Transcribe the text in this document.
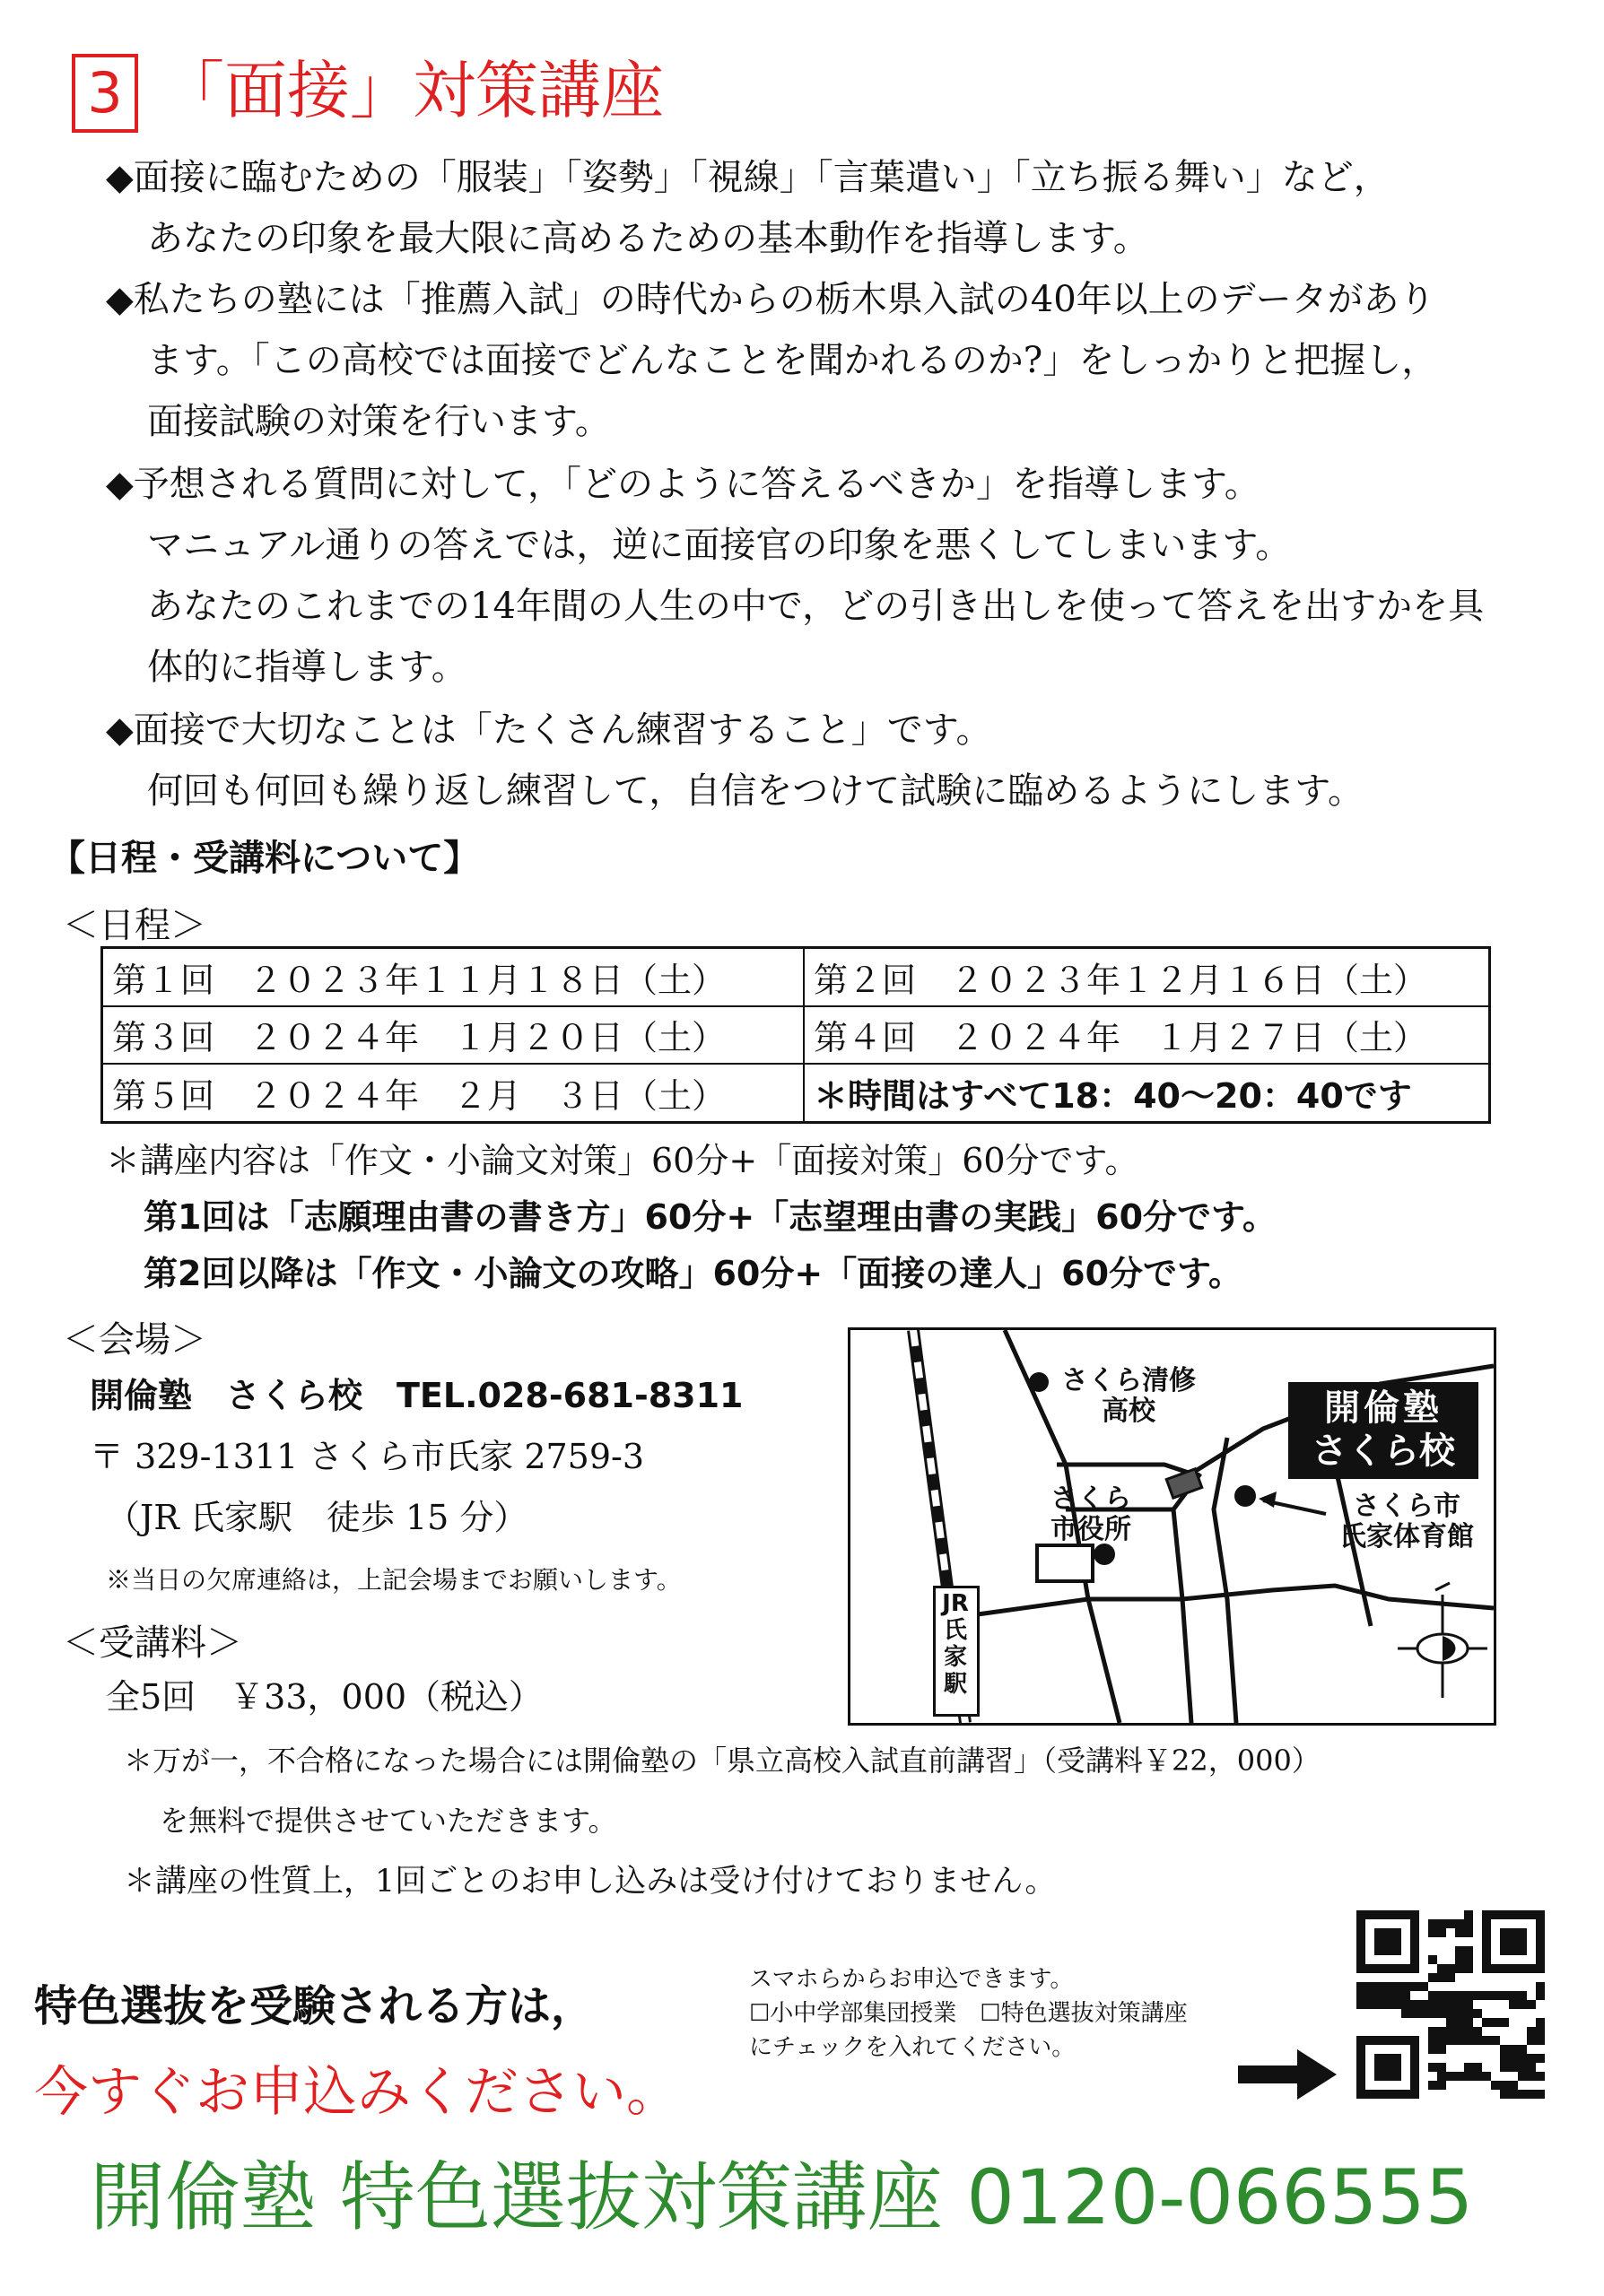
3 「面接」対策講座
◆面接に臨むための「服装」「姿勢」「視線」「言葉遣い」「立ち振る舞い」など，
あなたの印象を最大限に高めるための基本動作を指導します。
◆私たちの塾には「推薦入試」の時代からの栃木県入試の40年以上のデータがあり
ます。「この高校では面接でどんなことを聞かれるのか?」をしっかりと把握し，
面接試験の対策を行います。
◆予想される質問に対して，「どのように答えるべきか」を指導します。
マニュアル通りの答えでは，逆に面接官の印象を悪くしてしまいます。
あなたのこれまでの14年間の人生の中で，どの引き出しを使って答えを出すかを具
体的に指導します。
◆面接で大切なことは「たくさん練習すること」です。
何回も何回も繰り返し練習して，自信をつけて試験に臨めるようにします。
【日程・受講料について】
＜日程＞
第１回　２０２３年１１月１８日（土）	第２回　２０２３年１２月１６日（土）
第３回　２０２４年　１月２０日（土）	第４回　２０２４年　１月２７日（土）
第５回　２０２４年　２月　３日（土）	＊時間はすべて18：40～20：40です
＊講座内容は「作文・小論文対策」60分+「面接対策」60分です。
第1回は「志願理由書の書き方」60分+「志望理由書の実践」60分です。
第2回以降は「作文・小論文の攻略」60分+「面接の達人」60分です。
＜会場＞
開倫塾　さくら校　TEL.028-681-8311
〒 329-1311 さくら市氏家 2759-3
（JR 氏家駅　徒歩 15 分）
※当日の欠席連絡は，上記会場までお願いします。
JR
氏
家
駅
さくら清修
高校	開倫塾
さくら校
さくら
市役所
さくら市
氏家体育館
＜受講料＞
全5回　￥33，000（税込）
＊万が一，不合格になった場合には開倫塾の「県立高校入試直前講習」（受講料￥22，000）
を無料で提供させていただきます。
＊講座の性質上，1回ごとのお申し込みは受け付けておりません。
特色選抜を受験される方は，
今すぐお申込みください。
スマホらからお申込できます。
☐小中学部集団授業　☐特色選抜対策講座
にチェックを入れてください。
開倫塾 特色選抜対策講座 0120-066555
